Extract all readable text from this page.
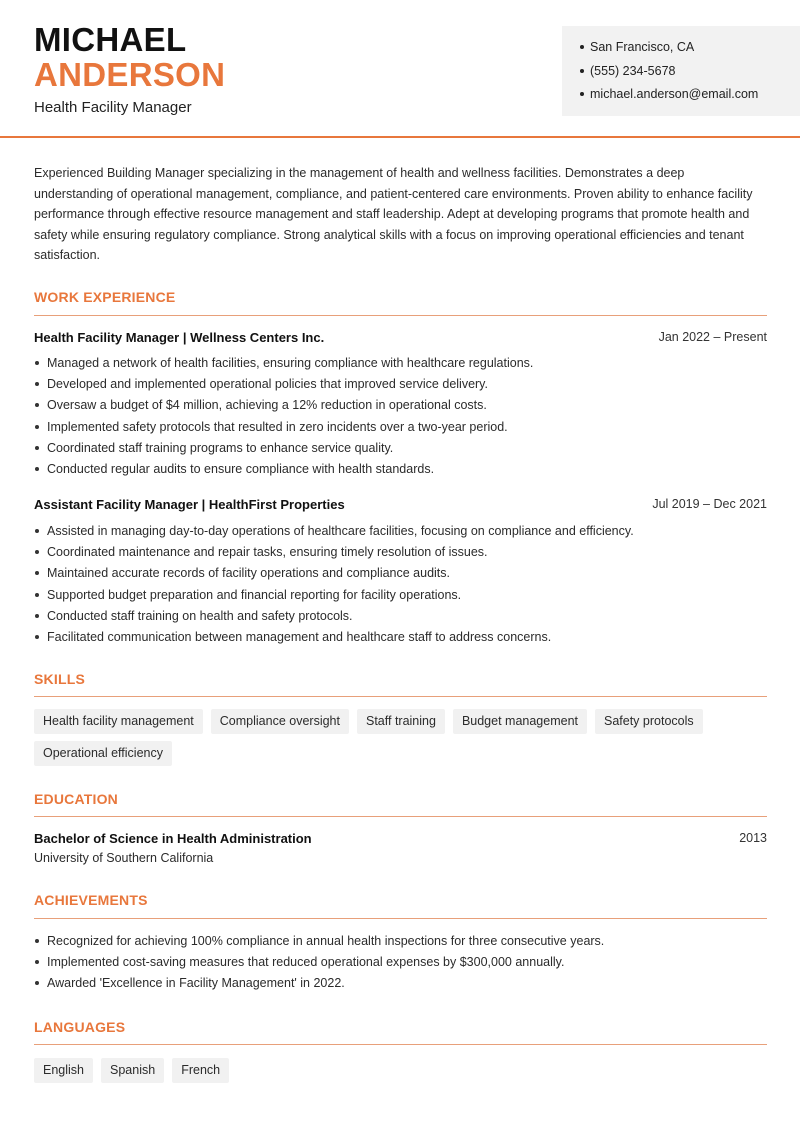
MICHAEL
ANDERSON
Health Facility Manager
San Francisco, CA
(555) 234-5678
michael.anderson@email.com

Experienced Building Manager specializing in the management of health and wellness facilities. Demonstrates a deep understanding of operational management, compliance, and patient-centered care environments. Proven ability to enhance facility performance through effective resource management and staff leadership. Adept at developing programs that promote health and safety while ensuring regulatory compliance. Strong analytical skills with a focus on improving operational efficiencies and tenant satisfaction.

WORK EXPERIENCE
Health Facility Manager | Wellness Centers Inc.	Jan 2022 – Present
Managed a network of health facilities, ensuring compliance with healthcare regulations.
Developed and implemented operational policies that improved service delivery.
Oversaw a budget of $4 million, achieving a 12% reduction in operational costs.
Implemented safety protocols that resulted in zero incidents over a two-year period.
Coordinated staff training programs to enhance service quality.
Conducted regular audits to ensure compliance with health standards.
Assistant Facility Manager | HealthFirst Properties	Jul 2019 – Dec 2021
Assisted in managing day-to-day operations of healthcare facilities, focusing on compliance and efficiency.
Coordinated maintenance and repair tasks, ensuring timely resolution of issues.
Maintained accurate records of facility operations and compliance audits.
Supported budget preparation and financial reporting for facility operations.
Conducted staff training on health and safety protocols.
Facilitated communication between management and healthcare staff to address concerns.
SKILLS
Health facility management	Compliance oversight	Staff training	Budget management	Safety protocols
Operational efficiency
EDUCATION
Bachelor of Science in Health Administration	2013
University of Southern California
ACHIEVEMENTS
Recognized for achieving 100% compliance in annual health inspections for three consecutive years.
Implemented cost-saving measures that reduced operational expenses by $300,000 annually.
Awarded 'Excellence in Facility Management' in 2022.
LANGUAGES
English	Spanish	French
